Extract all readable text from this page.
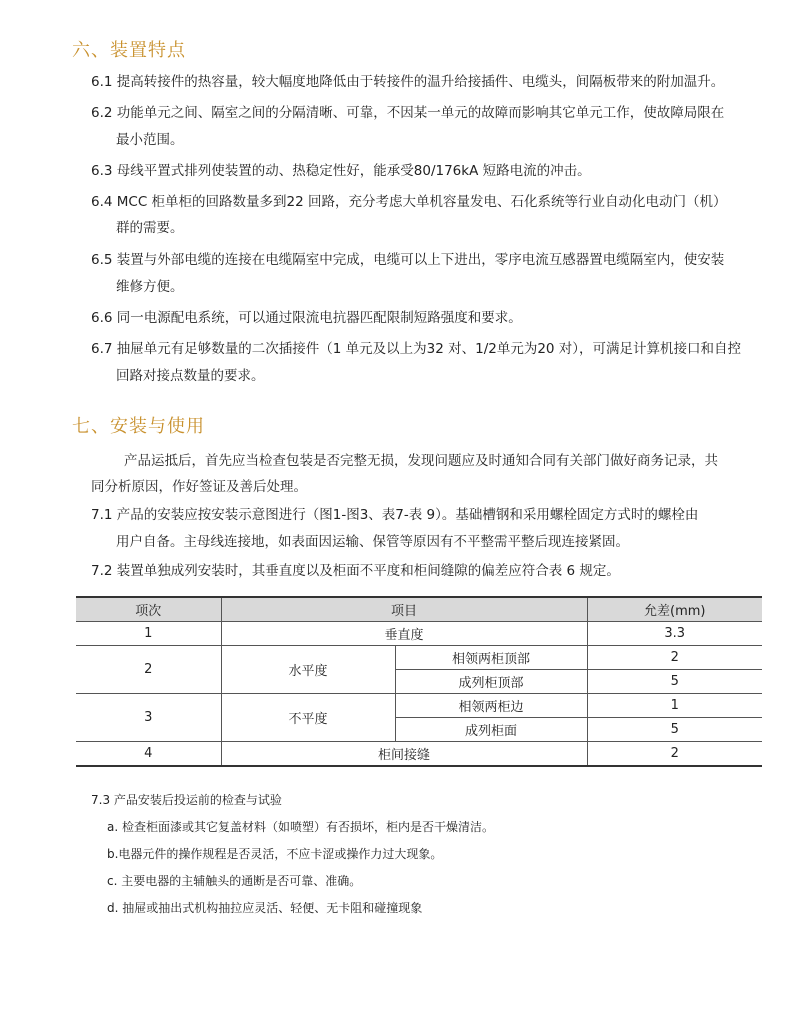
六、装置特点
6.1 提高转接件的热容量，较大幅度地降低由于转接件的温升给接插件、电缆头，间隔板带来的附加温升。
6.2 功能单元之间、隔室之间的分隔清晰、可靠，不因某一单元的故障而影响其它单元工作，使故障局限在
最小范围。
6.3 母线平置式排列使装置的动、热稳定性好，能承受80/176kA 短路电流的冲击。
6.4 MCC 柜单柜的回路数量多到22 回路，充分考虑大单机容量发电、石化系统等行业自动化电动门（机）
群的需要。
6.5 装置与外部电缆的连接在电缆隔室中完成，电缆可以上下进出，零序电流互感器置电缆隔室内，使安装
维修方便。
6.6 同一电源配电系统，可以通过限流电抗器匹配限制短路强度和要求。
6.7 抽屉单元有足够数量的二次插接件（1 单元及以上为32 对、1/2单元为20 对），可满足计算机接口和自控
回路对接点数量的要求。
七、安装与使用
产品运抵后，首先应当检查包装是否完整无损，发现问题应及时通知合同有关部门做好商务记录，共
同分析原因，作好签证及善后处理。
7.1 产品的安装应按安装示意图进行（图1-图3、表7-表 9）。基础槽钢和采用螺栓固定方式时的螺栓由
用户自备。主母线连接地，如表面因运输、保管等原因有不平整需平整后现连接紧固。
7.2 装置单独成列安装时，其垂直度以及柜面不平度和柜间缝隙的偏差应符合表 6 规定。
项次	项目		允差(mm)
1	垂直度		3.3
2	水平度	相领两柜顶部	2
		成列柜顶部	5
3	不平度	相领两柜边	1
		成列柜面	5
4	柜间接缝		2
7.3 产品安装后投运前的检查与试验
a. 检查柜面漆或其它复盖材料（如喷塑）有否损坏，柜内是否干燥清洁。
b.电器元件的操作规程是否灵活，不应卡涩或操作力过大现象。
c. 主要电器的主辅触头的通断是否可靠、准确。
d. 抽屉或抽出式机构抽拉应灵活、轻便、无卡阻和碰撞现象
